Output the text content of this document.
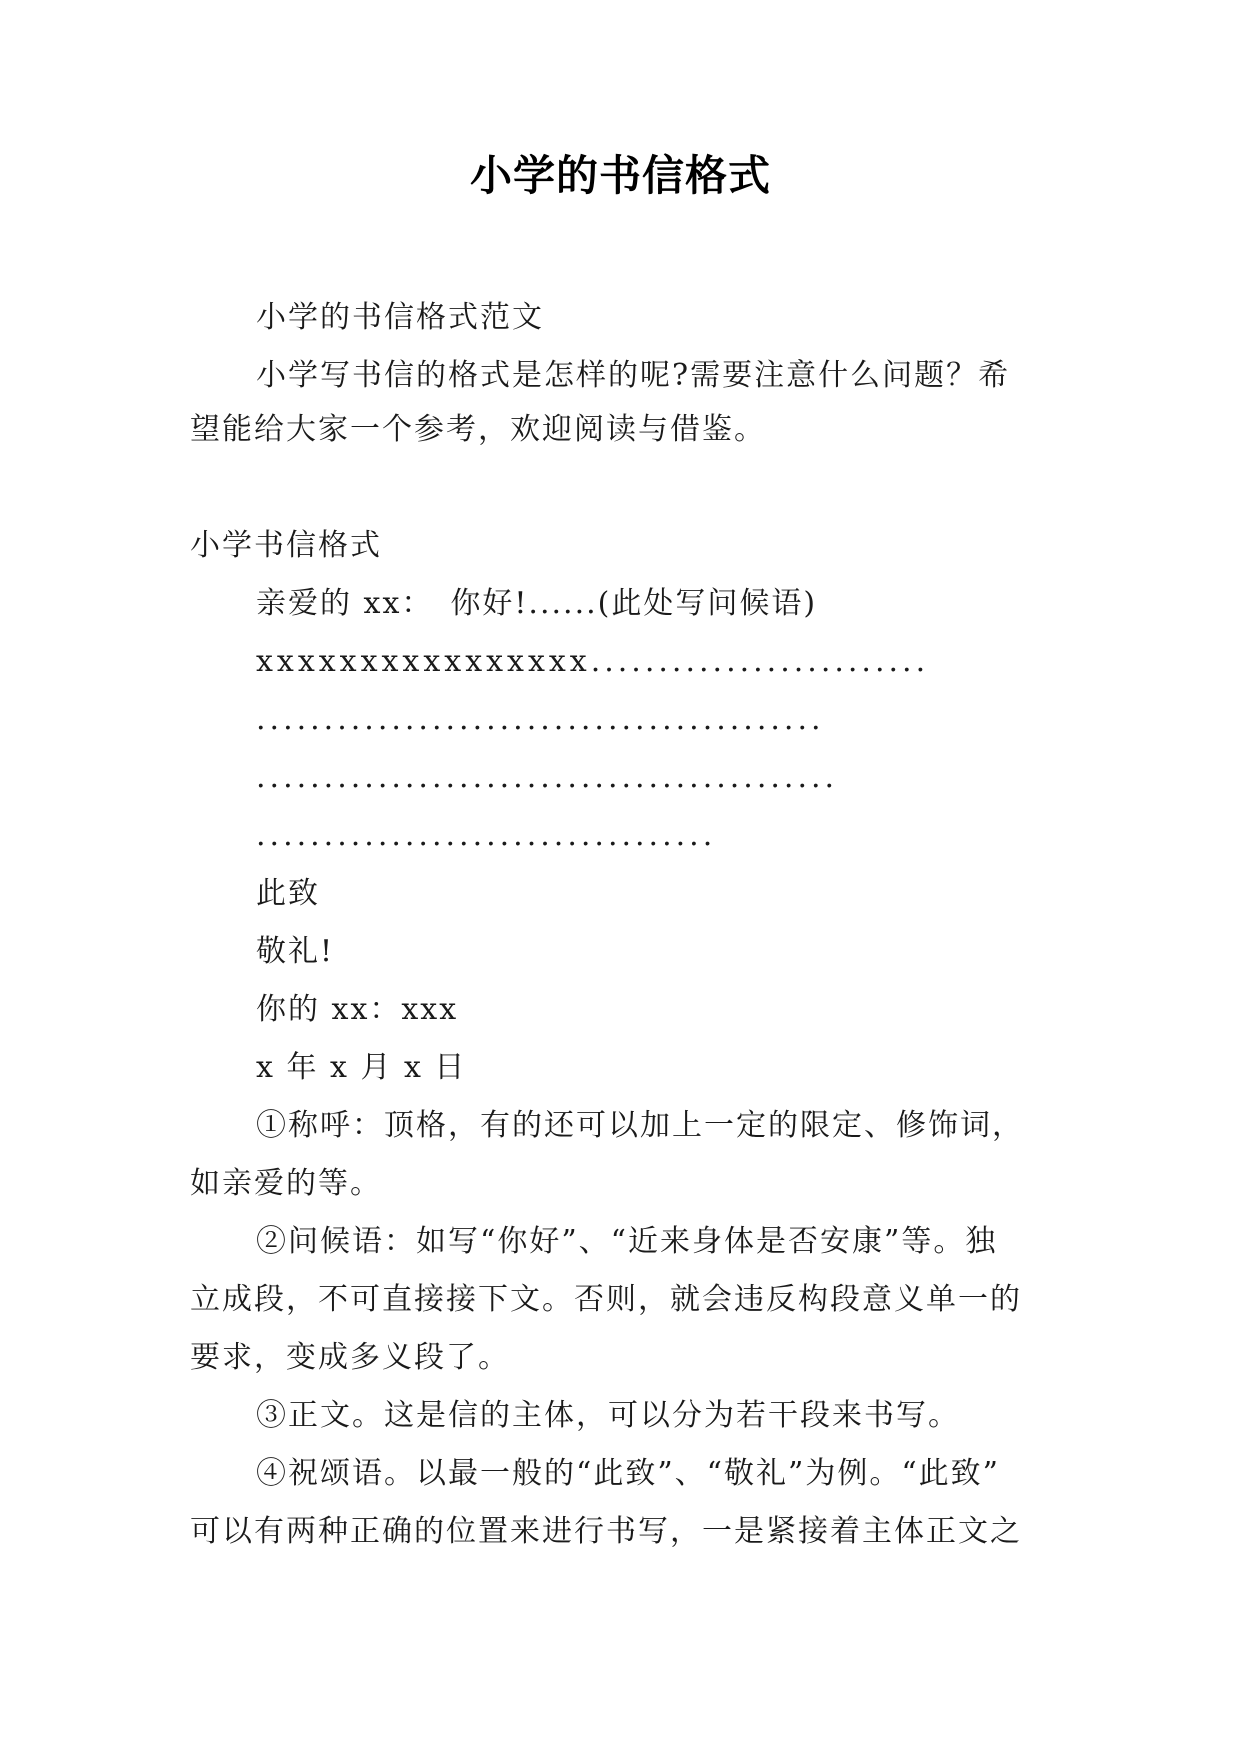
小学的书信格式
小学的书信格式范文
小学写书信的格式是怎样的呢?需要注意什么问题？希
望能给大家一个参考，欢迎阅读与借鉴。
小学书信格式
亲爱的 xx：　你好!......(此处写问候语)
xxxxxxxxxxxxxxxx.........................
..........................................
...........................................
..................................
此致
敬礼!
你的 xx：xxx
x 年 x 月 x 日
①称呼：顶格，有的还可以加上一定的限定、修饰词，
如亲爱的等。
②问候语：如写“你好”、“近来身体是否安康”等。独
立成段，不可直接接下文。否则，就会违反构段意义单一的
要求，变成多义段了。
③正文。这是信的主体，可以分为若干段来书写。
④祝颂语。以最一般的“此致”、“敬礼”为例。“此致”
可以有两种正确的位置来进行书写，一是紧接着主体正文之
